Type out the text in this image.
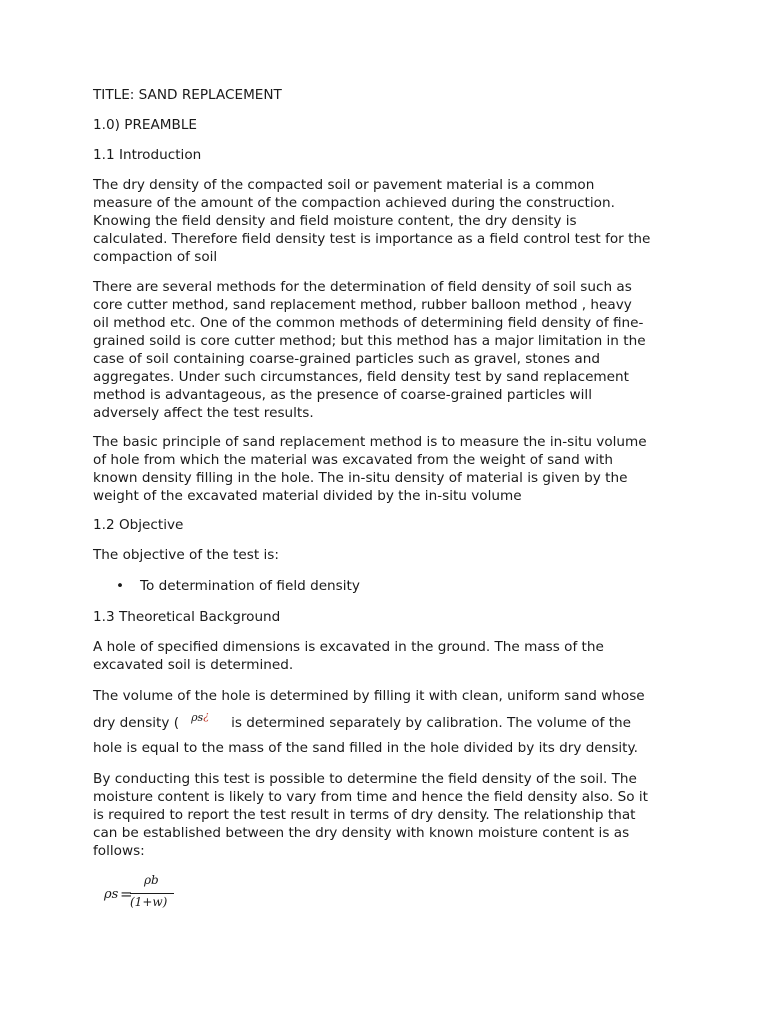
TITLE: SAND REPLACEMENT
1.0) PREAMBLE
1.1 Introduction

The dry density of the compacted soil or pavement material is a common
measure of the amount of the compaction achieved during the construction.
Knowing the field density and field moisture content, the dry density is
calculated. Therefore field density test is importance as a field control test for the
compaction of soil

There are several methods for the determination of field density of soil such as
core cutter method, sand replacement method, rubber balloon method , heavy
oil method etc. One of the common methods of determining field density of fine-
grained soild is core cutter method; but this method has a major limitation in the
case of soil containing coarse-grained particles such as gravel, stones and
aggregates. Under such circumstances, field density test by sand replacement
method is advantageous, as the presence of coarse-grained particles will
adversely affect the test results.

The basic principle of sand replacement method is to measure the in-situ volume
of hole from which the material was excavated from the weight of sand with
known density filling in the hole. The in-situ density of material is given by the
weight of the excavated material divided by the in-situ volume

1.2 Objective
The objective of the test is:
• To determination of field density
1.3 Theoretical Background

A hole of specified dimensions is excavated in the ground. The mass of the
excavated soil is determined.

The volume of the hole is determined by filling it with clean, uniform sand whose
dry density ( $^{\rho s¿}$ is determined separately by calibration. The volume of the
hole is equal to the mass of the sand filled in the hole divided by its dry density.

By conducting this test is possible to determine the field density of the soil. The
moisture content is likely to vary from time and hence the field density also. So it
is required to report the test result in terms of dry density. The relationship that
can be established between the dry density with known moisture content is as
follows:

ρs =
ρb
(1+w)
